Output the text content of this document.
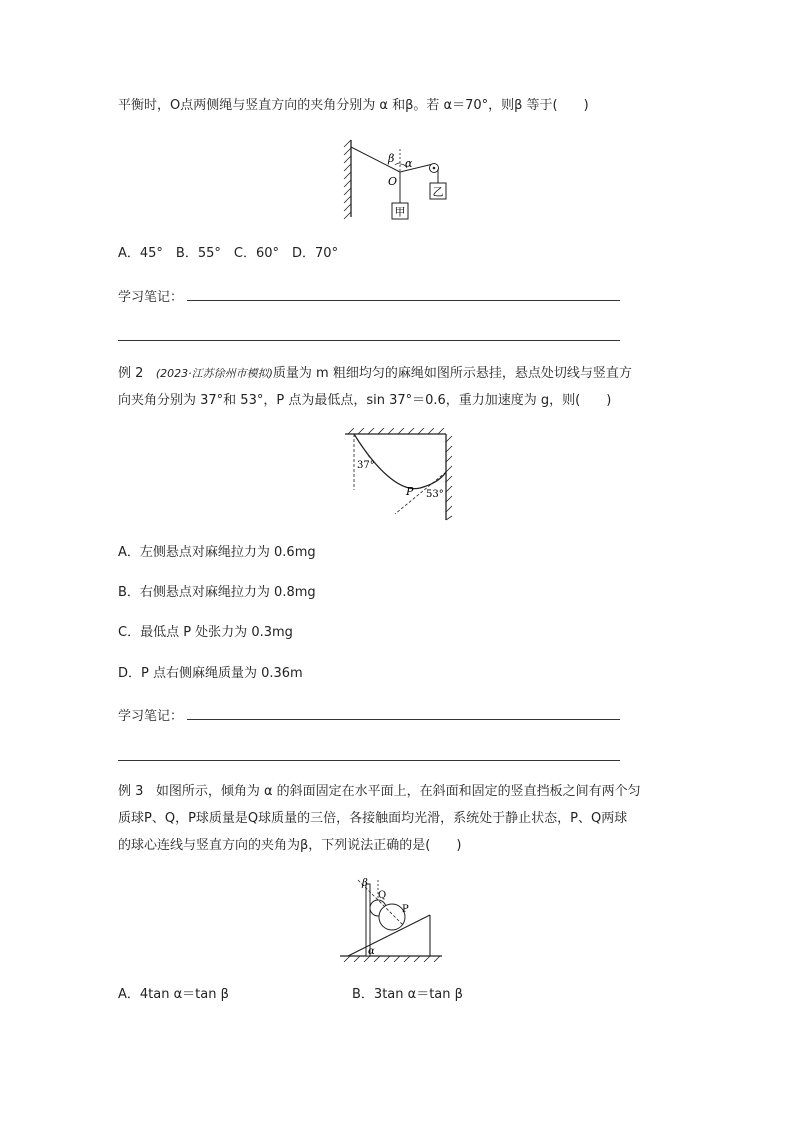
平衡时，O点两侧绳与竖直方向的夹角分别为 α 和β。若 α＝70°，则β 等于(　　)
β α
O
甲
乙
A．45°　B．55°　C．60°　D．70°
学习笔记：
例 2 (2023·江苏徐州市模拟)质量为 m 粗细均匀的麻绳如图所示悬挂，悬点处切线与竖直方
向夹角分别为 37°和 53°，P 点为最低点，sin 37°＝0.6，重力加速度为 g，则(　　)
37°
53°
P
A．左侧悬点对麻绳拉力为 0.6mg
B．右侧悬点对麻绳拉力为 0.8mg
C．最低点 P 处张力为 0.3mg
D．P 点右侧麻绳质量为 0.36m
学习笔记：
例 3 如图所示，倾角为 α 的斜面固定在水平面上，在斜面和固定的竖直挡板之间有两个匀
质球P、Q，P球质量是Q球质量的三倍，各接触面均光滑，系统处于静止状态，P、Q两球
的球心连线与竖直方向的夹角为β，下列说法正确的是(　　)
β
Q
P
α
A．4tan α＝tan β	B．3tan α＝tan β
